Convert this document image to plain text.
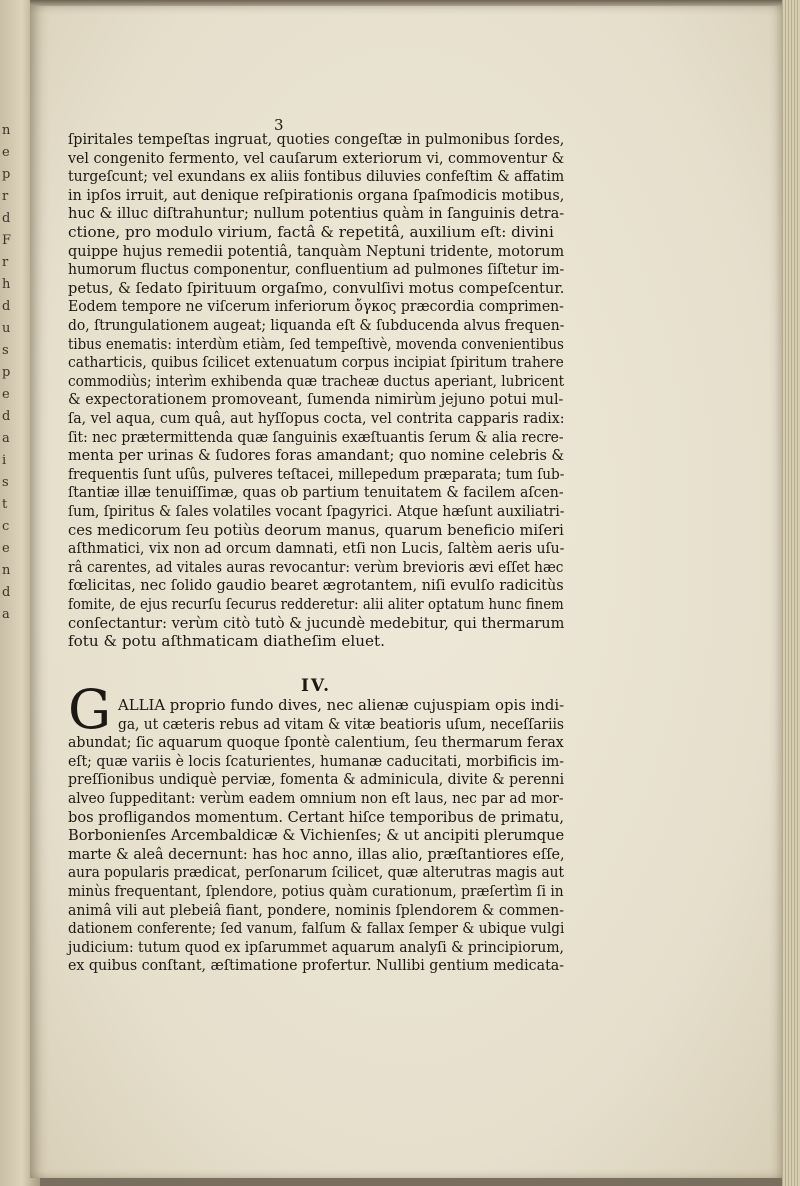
n
e
p
r
d
F
r
h
d
u
s
p
e
d
a
i
s
t
c
e
n
d
a
3
IV.
G
ſpiritales tempeſtas ingruat, quoties congeſtæ in pulmonibus ſordes,
vel congenito fermento, vel cauſarum exteriorum vi, commoventur &
turgeſcunt; vel exundans ex aliis fontibus diluvies confeſtim & affatim
in ipſos irruit, aut denique reſpirationis organa ſpaſmodicis motibus,
huc & illuc diſtrahuntur; nullum potentius quàm in ſanguinis detra-
ctione, pro modulo virium, factâ & repetitâ, auxilium eſt: divini
quippe hujus remedii potentiâ, tanquàm Neptuni tridente, motorum
humorum fluctus componentur, confluentium ad pulmones ſiſtetur im-
petus, & ſedato ſpirituum orgaſmo, convulſivi motus compeſcentur.
Eodem tempore ne viſcerum inferiorum ὄγκος præcordia comprimen-
do, ſtrungulationem augeat; liquanda eſt & ſubducenda alvus frequen-
tibus enematis: interdùm etiàm, ſed tempeſtivè, movenda convenientibus
catharticis, quibus ſcilicet extenuatum corpus incipiat ſpiritum trahere
commodiùs; interìm exhibenda quæ tracheæ ductus aperiant, lubricent
& expectorationem promoveant, ſumenda nimirùm jejuno potui mul-
ſa, vel aqua, cum quâ, aut hyſſopus cocta, vel contrita capparis radix:
ſit: nec prætermittenda quæ ſanguinis exæſtuantis ſerum & alia recre-
menta per urinas & ſudores foras amandant; quo nomine celebris &
frequentis ſunt uſûs, pulveres teſtacei, millepedum præparata; tum ſub-
ſtantiæ illæ tenuiſſimæ, quas ob partium tenuitatem & facilem aſcen-
ſum, ſpiritus & ſales volatiles vocant ſpagyrici. Atque hæſunt auxiliatri-
ces medicorum ſeu potiùs deorum manus, quarum beneficio miſeri
aſthmatici, vix non ad orcum damnati, etſi non Lucis, ſaltèm aeris uſu-
râ carentes, ad vitales auras revocantur: verùm brevioris ævi eſſet hæc
fœlicitas, nec ſolido gaudio bearet ægrotantem, niſi evulſo radicitùs
fomite, de ejus recurſu ſecurus redderetur: alii aliter optatum hunc finem
conſectantur: verùm citò tutò & jucundè medebitur, qui thermarum
fotu & potu aſthmaticam diatheſim eluet.
ALLIA proprio fundo dives, nec alienæ cujuspiam opis indi-
ga, ut cæteris rebus ad vitam & vitæ beatioris uſum, neceſſariis
abundat; ſic aquarum quoque ſpontè calentium, ſeu thermarum ferax
eſt; quæ variis è locis ſcaturientes, humanæ caducitati, morbificis im-
preſſionibus undiquè perviæ, fomenta & adminicula, divite & perenni
alveo ſuppeditant: verùm eadem omnium non eſt laus, nec par ad mor-
bos profligandos momentum. Certant hiſce temporibus de primatu,
Borbonienſes Arcembaldicæ & Vichienſes; & ut ancipiti plerumque
marte & aleâ decernunt: has hoc anno, illas alio, præſtantiores eſſe,
aura popularis prædicat, perſonarum ſcilicet, quæ alterutras magis aut
minùs frequentant, ſplendore, potius quàm curationum, præſertìm ſi in
animâ vili aut plebeiâ fiant, pondere, nominis ſplendorem & commen-
dationem conferente; ſed vanum, falſum & fallax ſemper & ubique vulgi
judicium: tutum quod ex ipſarummet aquarum analyſi & principiorum,
ex quibus conſtant, æſtimatione profertur. Nullibi gentium medicata-
